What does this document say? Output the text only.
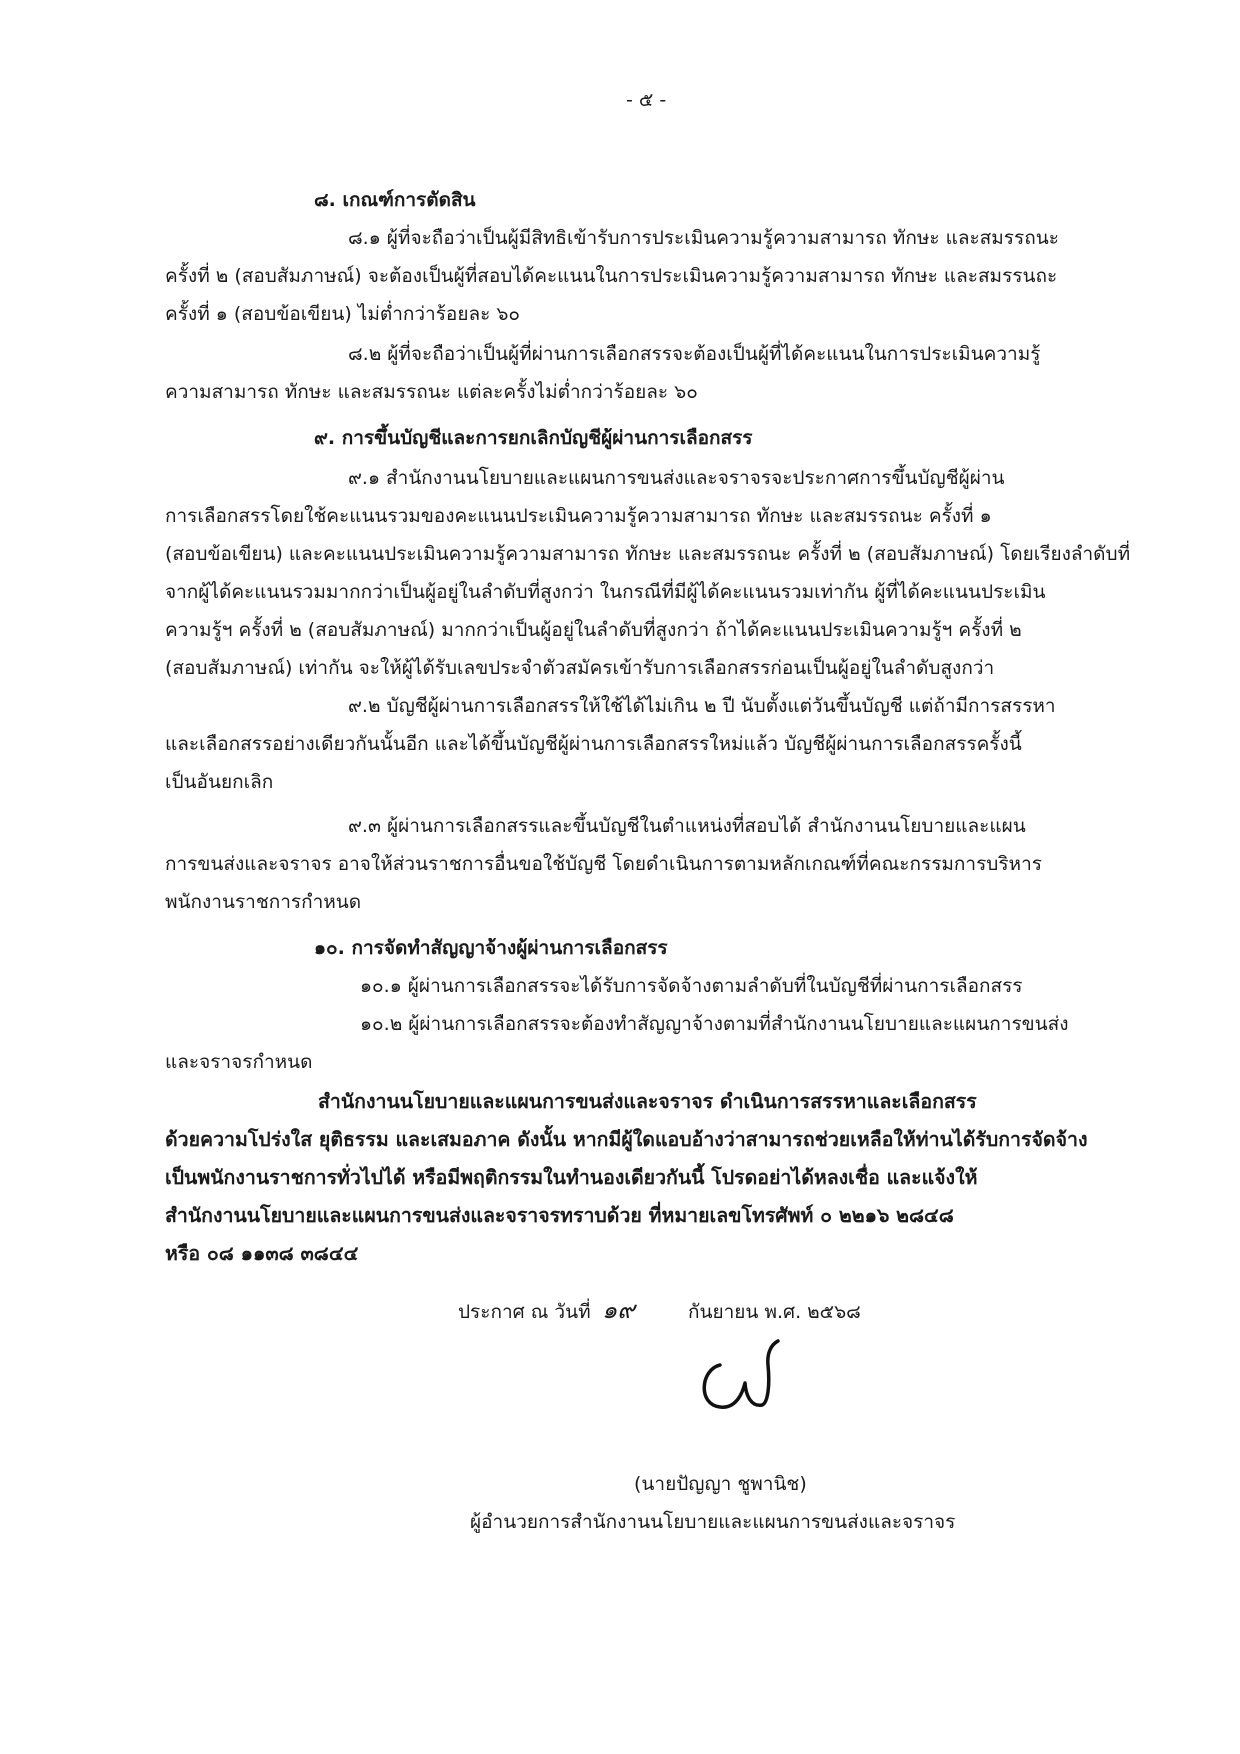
- ๕ -
๘. เกณฑ์การตัดสิน
๘.๑ ผู้ที่จะถือว่าเป็นผู้มีสิทธิเข้ารับการประเมินความรู้ความสามารถ ทักษะ และสมรรถนะ
ครั้งที่ ๒ (สอบสัมภาษณ์) จะต้องเป็นผู้ที่สอบได้คะแนนในการประเมินความรู้ความสามารถ ทักษะ และสมรรนถะ
ครั้งที่ ๑ (สอบข้อเขียน) ไม่ต่ำกว่าร้อยละ ๖๐
๘.๒ ผู้ที่จะถือว่าเป็นผู้ที่ผ่านการเลือกสรรจะต้องเป็นผู้ที่ได้คะแนนในการประเมินความรู้
ความสามารถ ทักษะ และสมรรถนะ แต่ละครั้งไม่ต่ำกว่าร้อยละ ๖๐
๙. การขึ้นบัญชีและการยกเลิกบัญชีผู้ผ่านการเลือกสรร
๙.๑ สำนักงานนโยบายและแผนการขนส่งและจราจรจะประกาศการขึ้นบัญชีผู้ผ่าน
การเลือกสรรโดยใช้คะแนนรวมของคะแนนประเมินความรู้ความสามารถ ทักษะ และสมรรถนะ ครั้งที่ ๑
(สอบข้อเขียน) และคะแนนประเมินความรู้ความสามารถ ทักษะ และสมรรถนะ ครั้งที่ ๒ (สอบสัมภาษณ์) โดยเรียงลำดับที่
จากผู้ได้คะแนนรวมมากกว่าเป็นผู้อยู่ในลำดับที่สูงกว่า ในกรณีที่มีผู้ได้คะแนนรวมเท่ากัน ผู้ที่ได้คะแนนประเมิน
ความรู้ฯ ครั้งที่ ๒ (สอบสัมภาษณ์) มากกว่าเป็นผู้อยู่ในลำดับที่สูงกว่า ถ้าได้คะแนนประเมินความรู้ฯ ครั้งที่ ๒
(สอบสัมภาษณ์) เท่ากัน จะให้ผู้ได้รับเลขประจำตัวสมัครเข้ารับการเลือกสรรก่อนเป็นผู้อยู่ในลำดับสูงกว่า
๙.๒ บัญชีผู้ผ่านการเลือกสรรให้ใช้ได้ไม่เกิน ๒ ปี นับตั้งแต่วันขึ้นบัญชี แต่ถ้ามีการสรรหา
และเลือกสรรอย่างเดียวกันนั้นอีก และได้ขึ้นบัญชีผู้ผ่านการเลือกสรรใหม่แล้ว บัญชีผู้ผ่านการเลือกสรรครั้งนี้
เป็นอันยกเลิก
๙.๓ ผู้ผ่านการเลือกสรรและขึ้นบัญชีในตำแหน่งที่สอบได้ สำนักงานนโยบายและแผน
การขนส่งและจราจร อาจให้ส่วนราชการอื่นขอใช้บัญชี โดยดำเนินการตามหลักเกณฑ์ที่คณะกรรมการบริหาร
พนักงานราชการกำหนด
๑๐. การจัดทำสัญญาจ้างผู้ผ่านการเลือกสรร
๑๐.๑ ผู้ผ่านการเลือกสรรจะได้รับการจัดจ้างตามลำดับที่ในบัญชีที่ผ่านการเลือกสรร
๑๐.๒ ผู้ผ่านการเลือกสรรจะต้องทำสัญญาจ้างตามที่สำนักงานนโยบายและแผนการขนส่ง
และจราจรกำหนด
สำนักงานนโยบายและแผนการขนส่งและจราจร ดำเนินการสรรหาและเลือกสรร
ด้วยความโปร่งใส ยุติธรรม และเสมอภาค ดังนั้น หากมีผู้ใดแอบอ้างว่าสามารถช่วยเหลือให้ท่านได้รับการจัดจ้าง
เป็นพนักงานราชการทั่วไปได้ หรือมีพฤติกรรมในทำนองเดียวกันนี้ โปรดอย่าได้หลงเชื่อ และแจ้งให้
สำนักงานนโยบายและแผนการขนส่งและจราจรทราบด้วย ที่หมายเลขโทรศัพท์ ๐ ๒๒๑๖ ๒๘๔๘
หรือ ๐๘ ๑๑๓๘ ๓๘๔๔
ประกาศ ณ วันที่ ๑๙	กันยายน พ.ศ. ๒๕๖๘
(นายปัญญา ชูพานิช)
ผู้อำนวยการสำนักงานนโยบายและแผนการขนส่งและจราจร
